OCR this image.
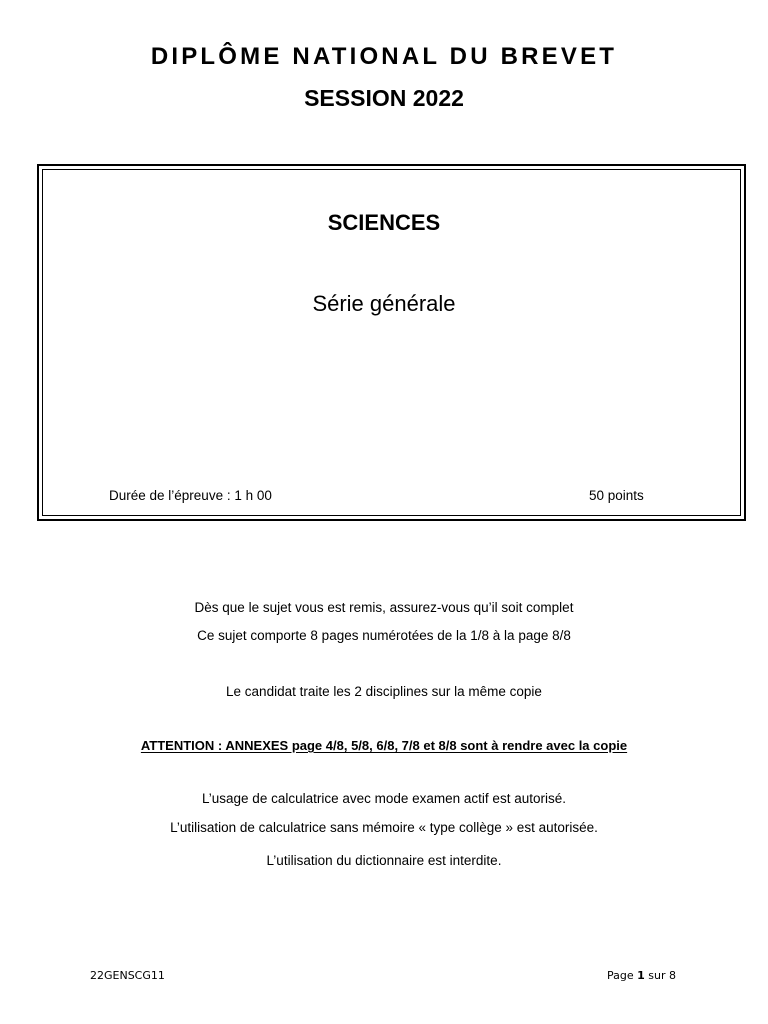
DIPLÔME NATIONAL DU BREVET
SESSION 2022
SCIENCES
Série générale
Durée de l’épreuve : 1 h 00	50 points
Dès que le sujet vous est remis, assurez-vous qu’il soit complet
Ce sujet comporte 8 pages numérotées de la 1/8 à la page 8/8
Le candidat traite les 2 disciplines sur la même copie
ATTENTION : ANNEXES page 4/8, 5/8, 6/8, 7/8 et 8/8 sont à rendre avec la copie
L’usage de calculatrice avec mode examen actif est autorisé.
L’utilisation de calculatrice sans mémoire « type collège » est autorisée.
L’utilisation du dictionnaire est interdite.
22GENSCG11	Page 1 sur 8
